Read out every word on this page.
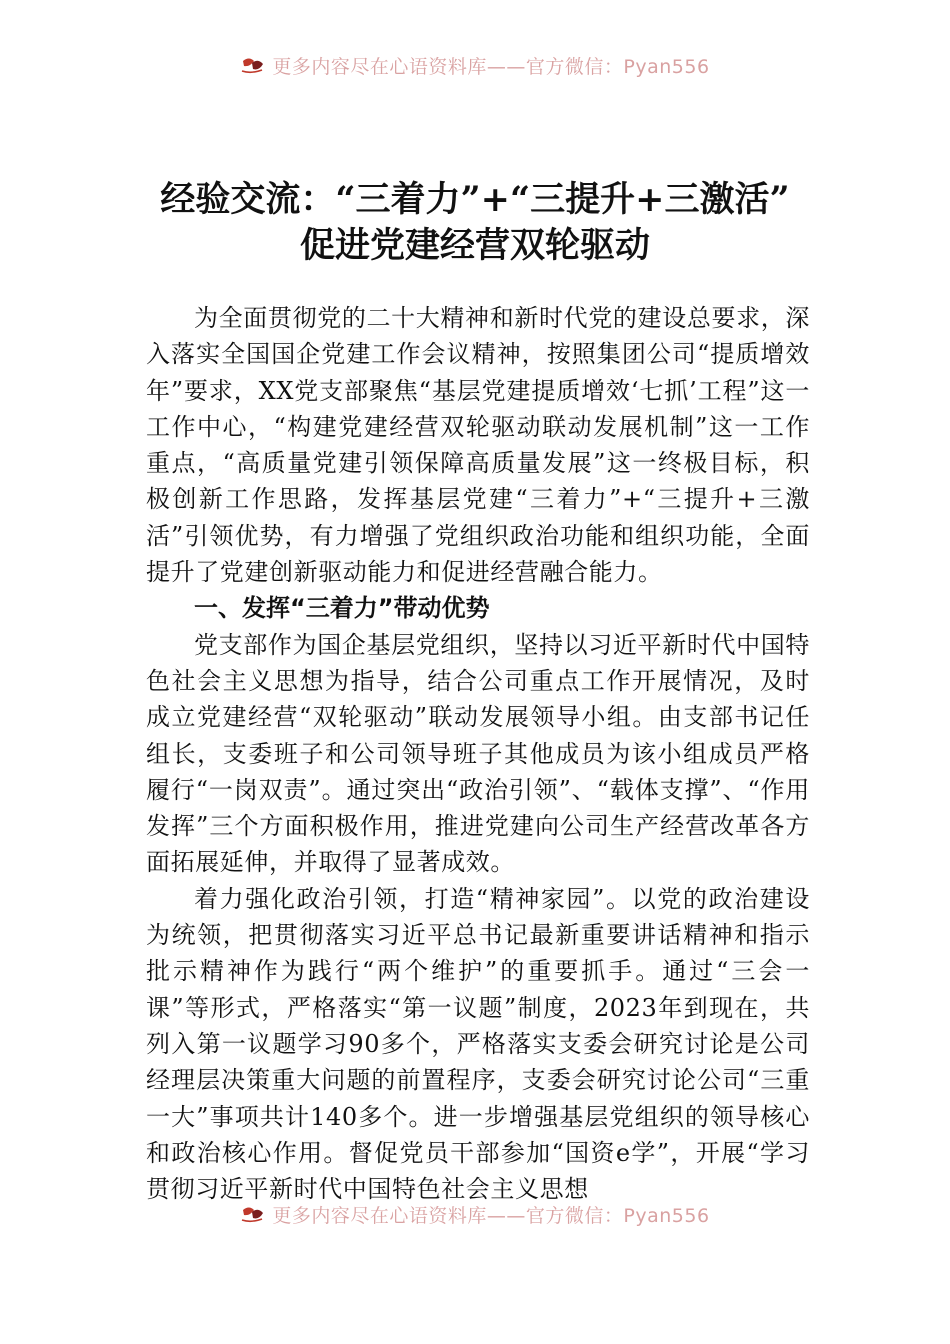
更多内容尽在心语资料库——官方微信：Pyan556
经验交流：“三着力”+“三提升+三激活”
促进党建经营双轮驱动

为全面贯彻党的二十大精神和新时代党的建设总要求，深入落实全国国企党建工作会议精神，按照集团公司“提质增效年”要求，XX党支部聚焦“基层党建提质增效‘七抓’工程”这一工作中心，“构建党建经营双轮驱动联动发展机制”这一工作重点，“高质量党建引领保障高质量发展”这一终极目标，积极创新工作思路，发挥基层党建“三着力”+“三提升+三激活”引领优势，有力增强了党组织政治功能和组织功能，全面提升了党建创新驱动能力和促进经营融合能力。

一、发挥“三着力”带动优势

党支部作为国企基层党组织，坚持以习近平新时代中国特色社会主义思想为指导，结合公司重点工作开展情况，及时成立党建经营“双轮驱动”联动发展领导小组。由支部书记任组长，支委班子和公司领导班子其他成员为该小组成员严格履行“一岗双责”。通过突出“政治引领”、“载体支撑”、“作用发挥”三个方面积极作用，推进党建向公司生产经营改革各方面拓展延伸，并取得了显著成效。

着力强化政治引领，打造“精神家园”。以党的政治建设为统领，把贯彻落实习近平总书记最新重要讲话精神和指示批示精神作为践行“两个维护”的重要抓手。通过“三会一课”等形式，严格落实“第一议题”制度，2023年到现在，共列入第一议题学习90多个，严格落实支委会研究讨论是公司经理层决策重大问题的前置程序，支委会研究讨论公司“三重一大”事项共计140多个。进一步增强基层党组织的领导核心和政治核心作用。督促党员干部参加“国资e学”，开展“学习贯彻习近平新时代中国特色社会主义思想

更多内容尽在心语资料库——官方微信：Pyan556
